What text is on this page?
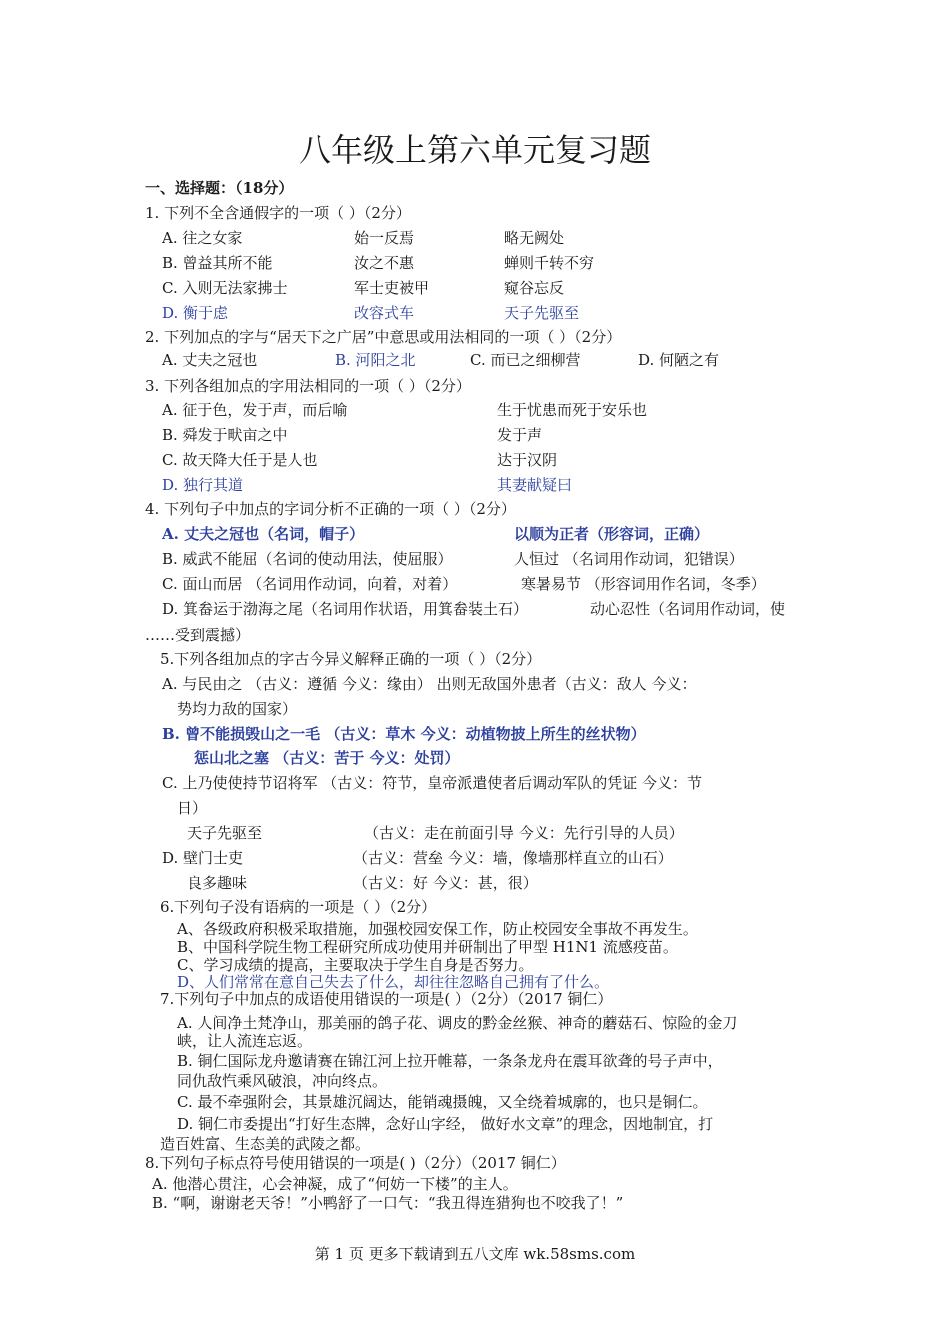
八年级上第六单元复习题
一、选择题：（18分）
1. 下列不全含通假字的一项（ ）（2分）
A. 往之女家	始一反焉	略无阙处
B. 曾益其所不能	汝之不惠	蝉则千转不穷
C. 入则无法家拂士	军士吏被甲	窥谷忘反
D. 衡于虑	改容式车	天子先驱至
2. 下列加点的字与“居天下之广居”中意思或用法相同的一项（ ）（2分）
A. 丈夫之冠也	B. 河阳之北	C. 而已之细柳营	D. 何陋之有
3. 下列各组加点的字用法相同的一项（ ）（2分）
A. 征于色，发于声，而后喻	生于忧患而死于安乐也
B. 舜发于畎亩之中	发于声
C. 故天降大任于是人也	达于汉阴
D. 独行其道	其妻献疑曰
4. 下列句子中加点的字词分析不正确的一项（ ）（2分）
A. 丈夫之冠也（名词，帽子）	以顺为正者（形容词，正确）
B. 威武不能屈（名词的使动用法，使屈服）	人恒过 （名词用作动词，犯错误）
C. 面山而居 （名词用作动词，向着，对着）	寒暑易节 （形容词用作名词，冬季）
D. 箕畚运于渤海之尾（名词用作状语，用箕畚装土石）	动心忍性（名词用作动词，使
……受到震撼）
5.下列各组加点的字古今异义解释正确的一项（ ）（2分）
A. 与民由之 （古义：遵循 今义：缘由） 出则无敌国外患者（古义：敌人 今义：
势均力敌的国家）
B. 曾不能损毁山之一毛 （古义：草木 今义：动植物披上所生的丝状物）
惩山北之塞 （古义：苦于 今义：处罚）
C. 上乃使使持节诏将军 （古义：符节，皇帝派遣使者后调动军队的凭证 今义：节
日）
天子先驱至	（古义：走在前面引导 今义：先行引导的人员）
D. 壁门士吏	（古义：营垒 今义：墙，像墙那样直立的山石）
良多趣味	（古义：好 今义：甚，很）
6.下列句子没有语病的一项是（ ）（2分）
A、各级政府积极采取措施，加强校园安保工作，防止校园安全事故不再发生。
B、中国科学院生物工程研究所成功使用并研制出了甲型 H1N1 流感疫苗。
C、学习成绩的提高，主要取决于学生自身是否努力。
D、人们常常在意自己失去了什么，却往往忽略自己拥有了什么。
7.下列句子中加点的成语使用错误的一项是( ）（2分）（2017 铜仁）
A. 人间净土梵净山，那美丽的鸽子花、调皮的黔金丝猴、神奇的蘑菇石、惊险的金刀
峡，让人流连忘返。
B. 铜仁国际龙舟邀请赛在锦江河上拉开帷幕，一条条龙舟在震耳欲聋的号子声中，
同仇敌忾乘风破浪，冲向终点。
C. 最不牵强附会，其景雄沉阔达，能销魂摄魄，又全绕着城廓的，也只是铜仁。
D. 铜仁市委提出“打好生态牌，念好山字经， 做好水文章”的理念，因地制宜，打
造百姓富、生态美的武陵之都。
8.下列句子标点符号使用错误的一项是( )（2分）（2017 铜仁）
A. 他潜心贯注，心会神凝，成了“何妨一下楼”的主人。
B. “啊，谢谢老天爷！”小鸭舒了一口气：“我丑得连猎狗也不咬我了！”
第 1 页 更多下载请到五八文库 wk.58sms.com
